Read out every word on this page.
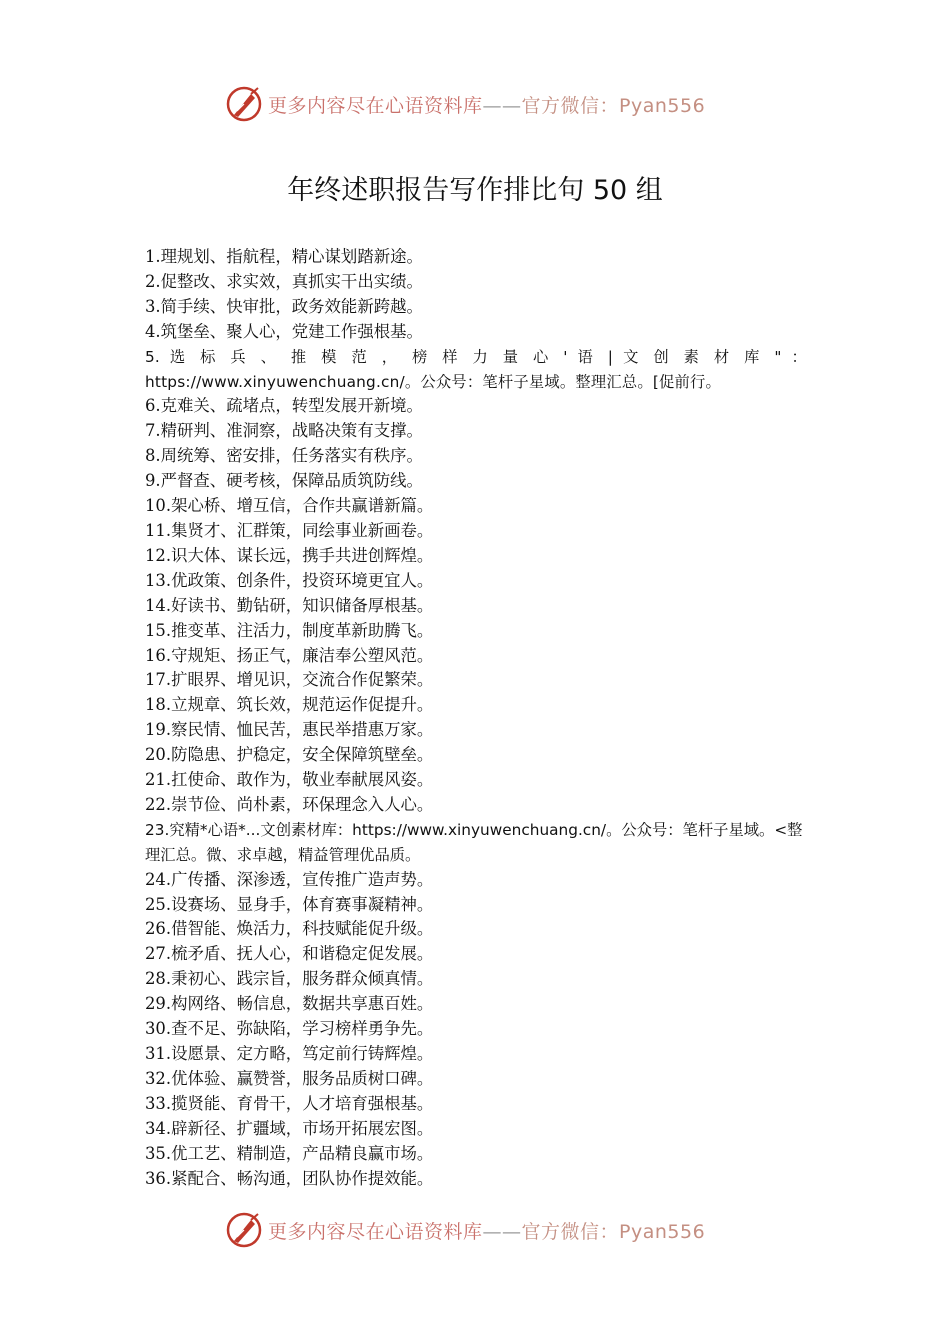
更多内容尽在心语资料库——官方微信：Pyan556
年终述职报告写作排比句 50 组
1.理规划、指航程，精心谋划踏新途。
2.促整改、求实效，真抓实干出实绩。
3.简手续、快审批，政务效能新跨越。
4.筑堡垒、聚人心，党建工作强根基。
5. 选 标 兵 、 推 模 范 ， 榜 样 力 量 心 ' 语 | 文 创 素 材 库 " ： https://www.xinyuwenchuang.cn/。公众号：笔杆子星域。整理汇总。[促前行。
6.克难关、疏堵点，转型发展开新境。
7.精研判、准洞察，战略决策有支撑。
8.周统筹、密安排，任务落实有秩序。
9.严督查、硬考核，保障品质筑防线。
10.架心桥、增互信，合作共赢谱新篇。
11.集贤才、汇群策，同绘事业新画卷。
12.识大体、谋长远，携手共进创辉煌。
13.优政策、创条件，投资环境更宜人。
14.好读书、勤钻研，知识储备厚根基。
15.推变革、注活力，制度革新助腾飞。
16.守规矩、扬正气，廉洁奉公塑风范。
17.扩眼界、增见识，交流合作促繁荣。
18.立规章、筑长效，规范运作促提升。
19.察民情、恤民苦，惠民举措惠万家。
20.防隐患、护稳定，安全保障筑壁垒。
21.扛使命、敢作为，敬业奉献展风姿。
22.崇节俭、尚朴素，环保理念入人心。
23.究精*心语*...文创素材库：https://www.xinyuwenchuang.cn/。公众号：笔杆子星域。<整理汇总。微、求卓越，精益管理优品质。
24.广传播、深渗透，宣传推广造声势。
25.设赛场、显身手，体育赛事凝精神。
26.借智能、焕活力，科技赋能促升级。
27.梳矛盾、抚人心，和谐稳定促发展。
28.秉初心、践宗旨，服务群众倾真情。
29.构网络、畅信息，数据共享惠百姓。
30.查不足、弥缺陷，学习榜样勇争先。
31.设愿景、定方略，笃定前行铸辉煌。
32.优体验、赢赞誉，服务品质树口碑。
33.揽贤能、育骨干，人才培育强根基。
34.辟新径、扩疆域，市场开拓展宏图。
35.优工艺、精制造，产品精良赢市场。
36.紧配合、畅沟通，团队协作提效能。
更多内容尽在心语资料库——官方微信：Pyan556
